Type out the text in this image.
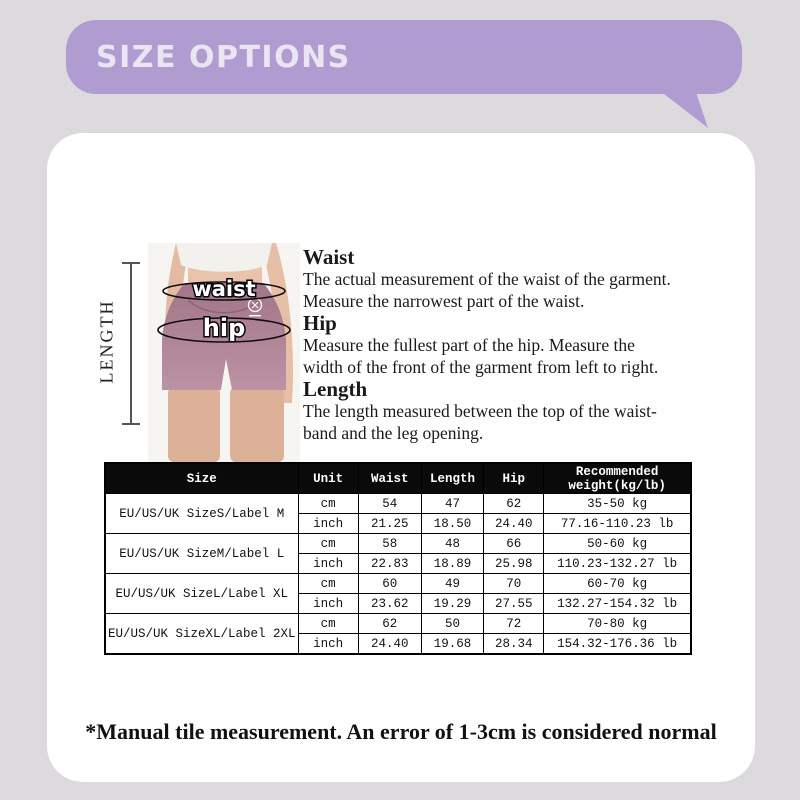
SIZE OPTIONS
LENGTH
waist
hip
Waist

The actual measurement of the waist of the garment.

Measure the narrowest part of the waist.

Hip

Measure the fullest part of the hip. Measure the

width of the front of the garment from left to right.

Length

The length measured between the top of the waist-

band and the leg opening.

Size	Unit	Waist	Length	Hip	Recommended weight(kg/lb)
EU/US/UK SizeS/Label M	cm	54	47	62	35-50 kg
	inch	21.25	18.50	24.40	77.16-110.23 lb
EU/US/UK SizeM/Label L	cm	58	48	66	50-60 kg
	inch	22.83	18.89	25.98	110.23-132.27 lb
EU/US/UK SizeL/Label XL	cm	60	49	70	60-70 kg
	inch	23.62	19.29	27.55	132.27-154.32 lb
EU/US/UK SizeXL/Label 2XL	cm	62	50	72	70-80 kg
	inch	24.40	19.68	28.34	154.32-176.36 lb
*Manual tile measurement. An error of 1-3cm is considered normal
